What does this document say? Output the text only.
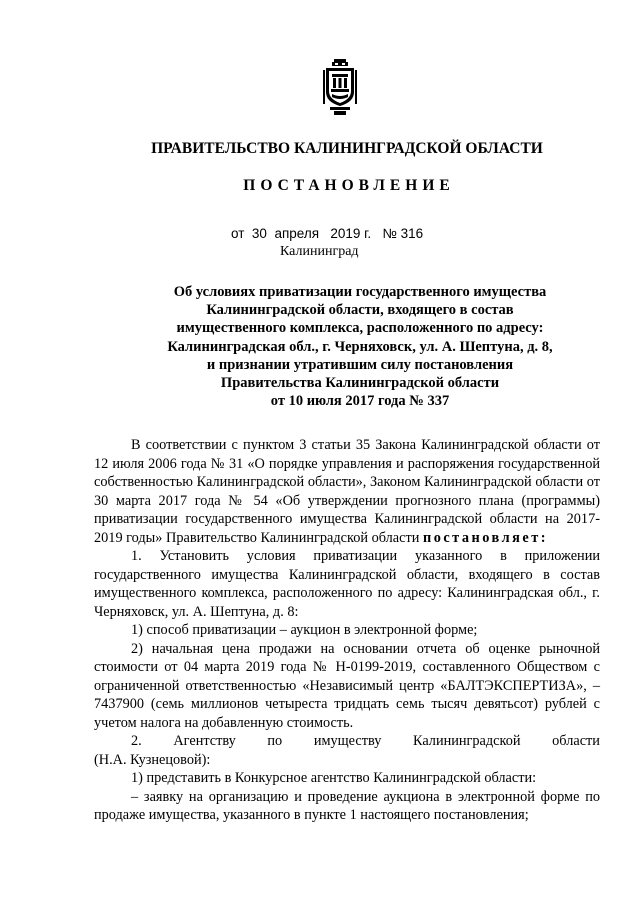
ПРАВИТЕЛЬСТВО КАЛИНИНГРАДСКОЙ ОБЛАСТИ
ПОСТАНОВЛЕНИЕ
от 30 апреля 2019 г. № 316
Калининград
Об условиях приватизации государственного имущества
Калининградской области, входящего в состав
имущественного комплекса, расположенного по адресу:
Калининградская обл., г. Черняховск, ул. А. Шептуна, д. 8,
и признании утратившим силу постановления
Правительства Калининградской области
от 10 июля 2017 года № 337

В соответствии с пунктом 3 статьи 35 Закона Калининградской области от 12 июля 2006 года № 31 «О порядке управления и распоряжения государственной собственностью Калининградской области», Законом Калининградской области от 30 марта 2017 года № 54 «Об утверждении прогнозного плана (программы) приватизации государственного имущества Калининградской области на 2017-2019 годы» Правительство Калининградской области постановляет:

1. Установить условия приватизации указанного в приложении государственного имущества Калининградской области, входящего в состав имущественного комплекса, расположенного по адресу: Калининградская обл., г. Черняховск, ул. А. Шептуна, д. 8:

1) способ приватизации – аукцион в электронной форме;

2) начальная цена продажи на основании отчета об оценке рыночной стоимости от 04 марта 2019 года № Н-0199-2019, составленного Обществом с ограниченной ответственностью «Независимый центр «БАЛТЭКСПЕРТИЗА», – 7437900 (семь миллионов четыреста тридцать семь тысяч девятьсот) рублей с учетом налога на добавленную стоимость.

2. Агентству по имуществу Калининградской области
(Н.А. Кузнецовой):

1) представить в Конкурсное агентство Калининградской области:

– заявку на организацию и проведение аукциона в электронной форме по продаже имущества, указанного в пункте 1 настоящего постановления;
